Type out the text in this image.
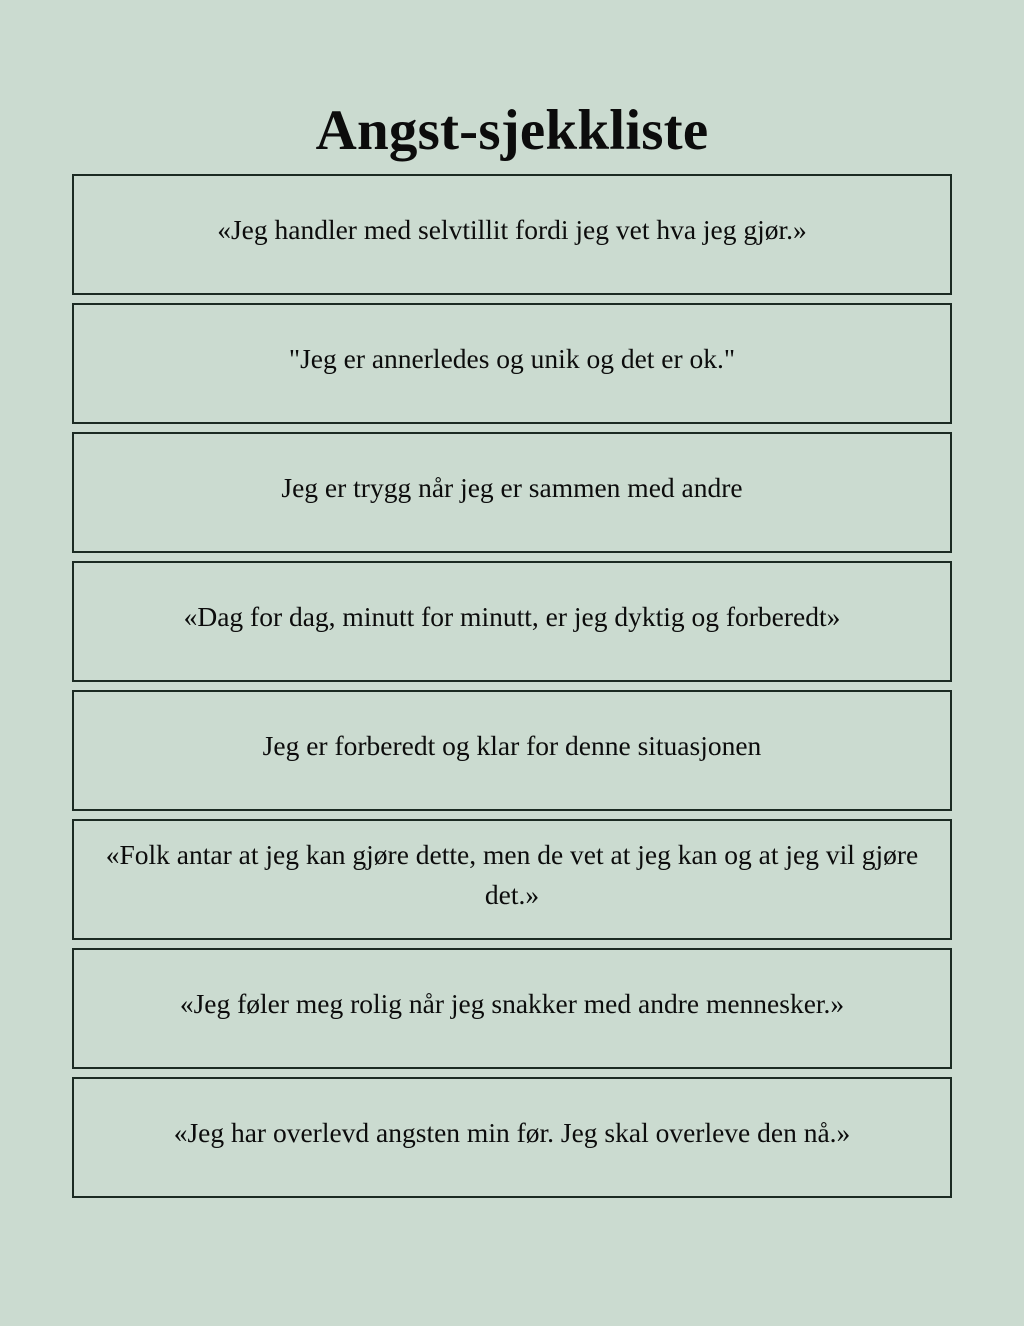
Angst-sjekkliste
«Jeg handler med selvtillit fordi jeg vet hva jeg gjør.»
"Jeg er annerledes og unik og det er ok."
Jeg er trygg når jeg er sammen med andre
«Dag for dag, minutt for minutt, er jeg dyktig og forberedt»
Jeg er forberedt og klar for denne situasjonen
«Folk antar at jeg kan gjøre dette, men de vet at jeg kan og at jeg vil gjøre det.»
«Jeg føler meg rolig når jeg snakker med andre mennesker.»
«Jeg har overlevd angsten min før. Jeg skal overleve den nå.»
